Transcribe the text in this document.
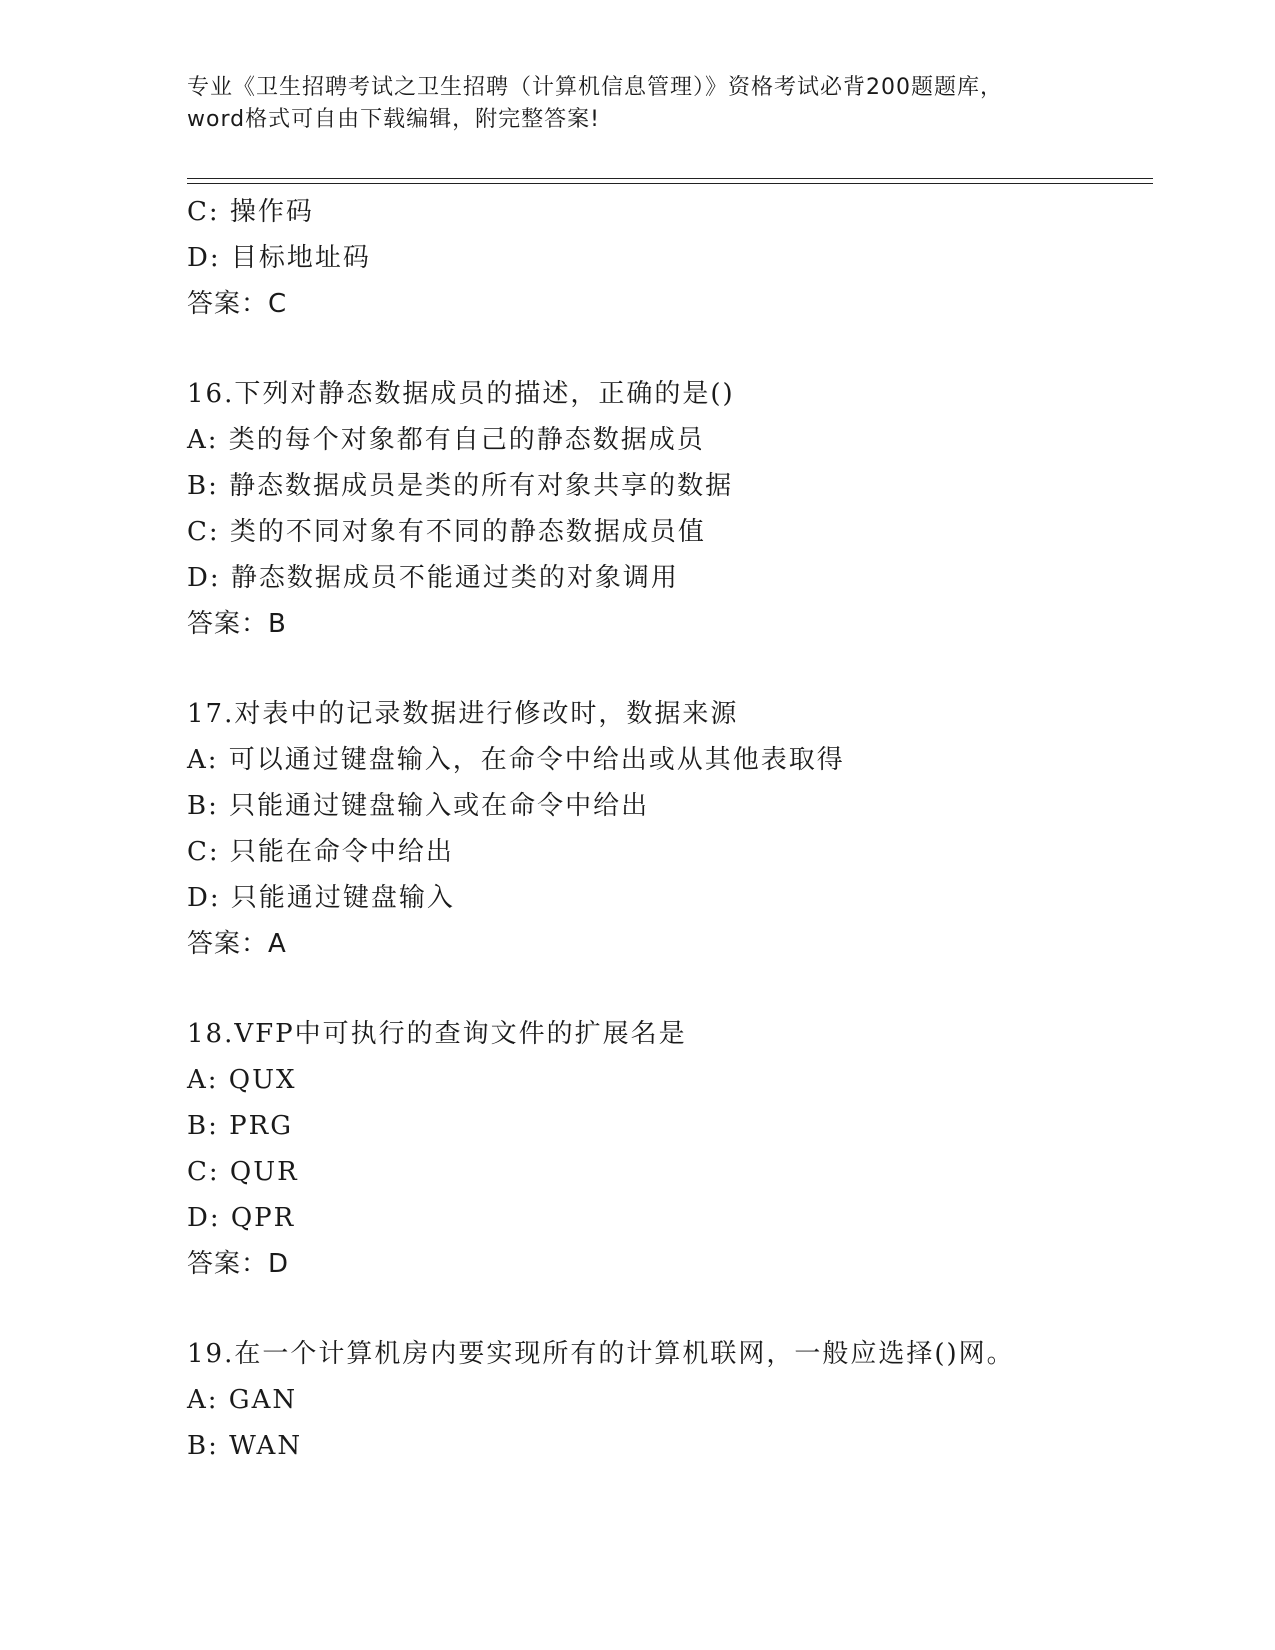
专业《卫生招聘考试之卫生招聘（计算机信息管理）》资格考试必背200题题库，
word格式可自由下载编辑，附完整答案!
C: 操作码
D: 目标地址码
答案：C
16.下列对静态数据成员的描述，正确的是()
A: 类的每个对象都有自己的静态数据成员
B: 静态数据成员是类的所有对象共享的数据
C: 类的不同对象有不同的静态数据成员值
D: 静态数据成员不能通过类的对象调用
答案：B
17.对表中的记录数据进行修改时，数据来源
A: 可以通过键盘输入，在命令中给出或从其他表取得
B: 只能通过键盘输入或在命令中给出
C: 只能在命令中给出
D: 只能通过键盘输入
答案：A
18.VFP中可执行的查询文件的扩展名是
A: QUX
B: PRG
C: QUR
D: QPR
答案：D
19.在一个计算机房内要实现所有的计算机联网，一般应选择()网。
A: GAN
B: WAN
